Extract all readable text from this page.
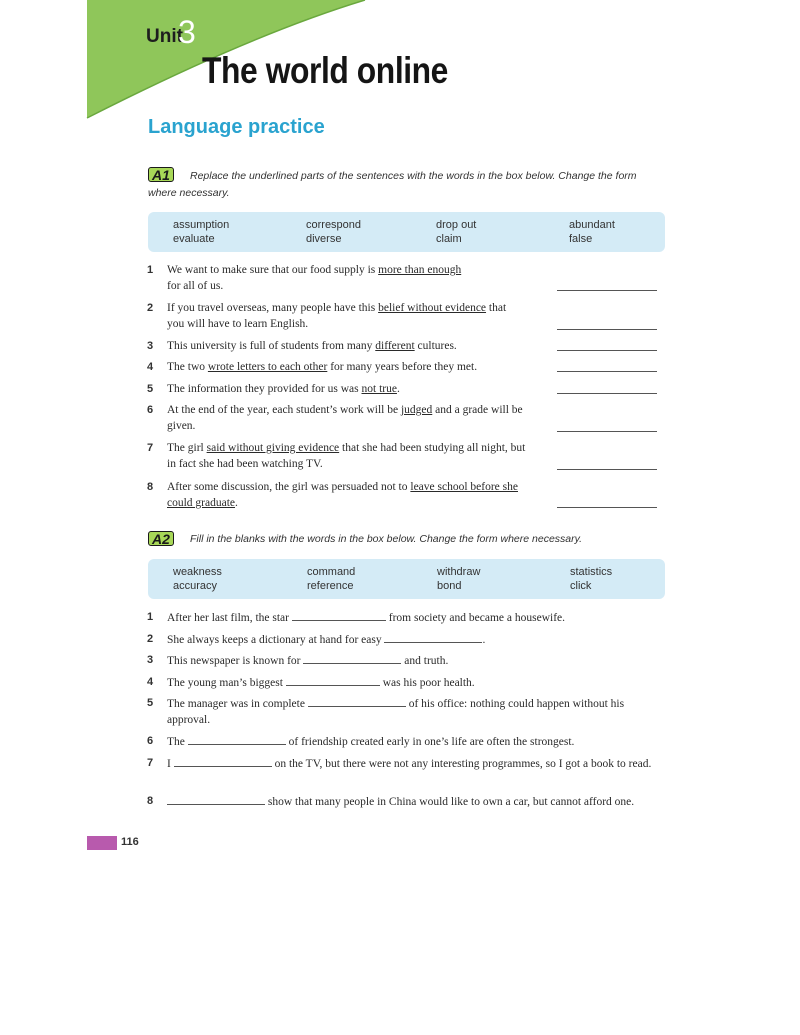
Unit
3
The world online
Language practice
A1	Replace the underlined parts of the sentences with the words in the box below. Change the form where necessary.
assumption	correspond	drop out	abundant
evaluate	diverse	claim	false
1 We want to make sure that our food supply is more than enough for all of us.
2 If you travel overseas, many people have this belief without evidence that you will have to learn English.
3 This university is full of students from many different cultures.
4 The two wrote letters to each other for many years before they met.
5 The information they provided for us was not true.
6 At the end of the year, each student’s work will be judged and a grade will be given.
7 The girl said without giving evidence that she had been studying all night, but in fact she had been watching TV.
8 After some discussion, the girl was persuaded not to leave school before she could graduate.
A2	Fill in the blanks with the words in the box below. Change the form where necessary.
weakness	command	withdraw	statistics
accuracy	reference	bond	click
1 After her last film, the star	from society and became a housewife.
2 She always keeps a dictionary at hand for easy	.
3 This newspaper is known for	and truth.
4 The young man’s biggest	was his poor health.
5 The manager was in complete	of his office: nothing could happen without his approval.
6 The	of friendship created early in one’s life are often the strongest.
7 I	on the TV, but there were not any interesting programmes, so I got a book to read.
8	show that many people in China would like to own a car, but cannot afford one.
116
